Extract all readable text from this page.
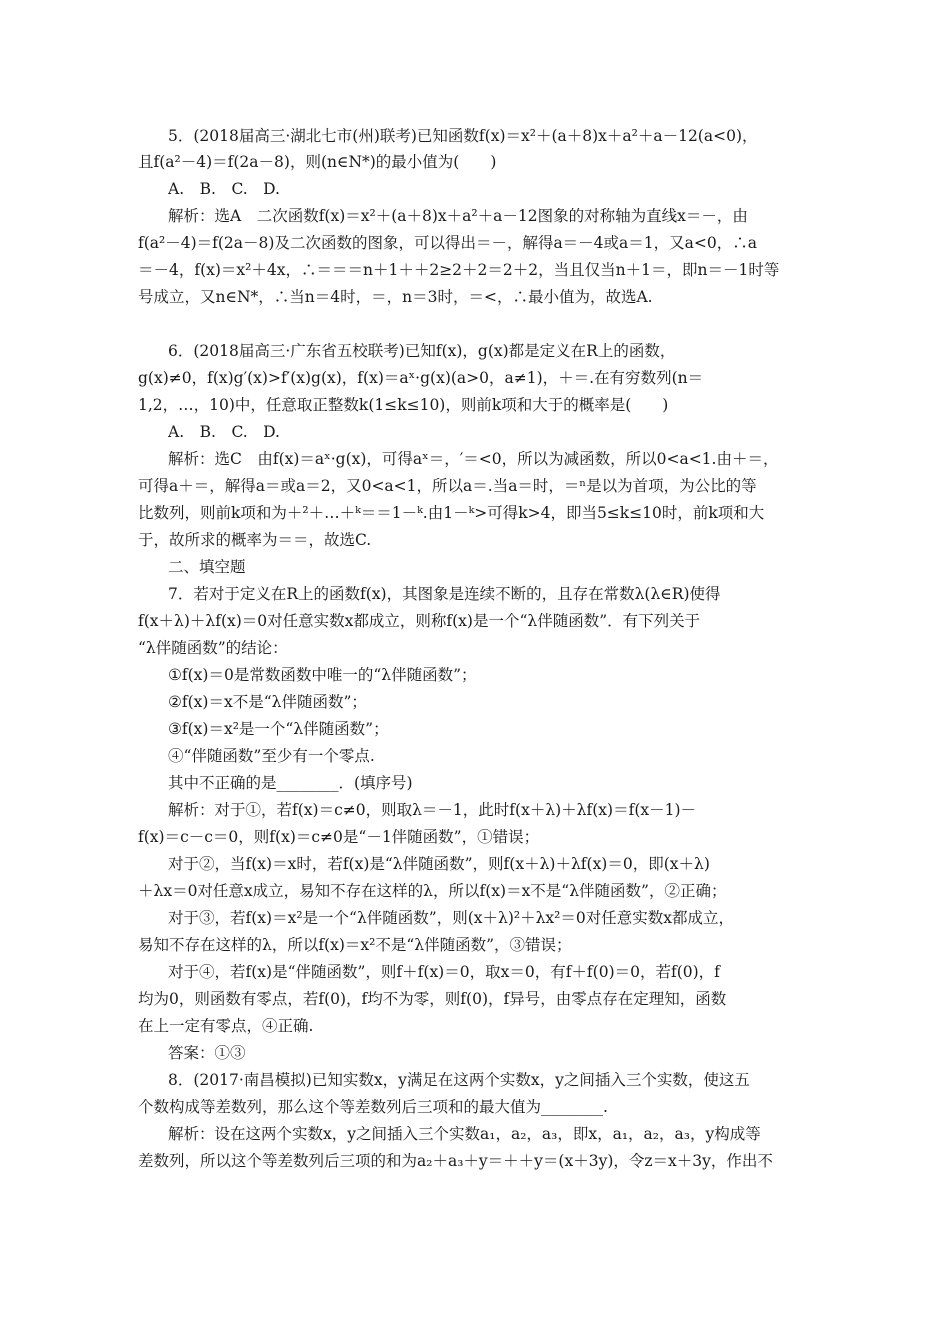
5．(2018届高三·湖北七市(州)联考)已知函数f(x)＝x²＋(a＋8)x＋a²＋a－12(a<0)，
且f(a²－4)＝f(2a－8)，则(n∈N*)的最小值为(　　)
A.　B.　C.　D.
解析：选A　二次函数f(x)＝x²＋(a＋8)x＋a²＋a－12图象的对称轴为直线x＝－，由
f(a²－4)＝f(2a－8)及二次函数的图象，可以得出＝－，解得a＝－4或a＝1，又a<0，∴a
＝－4，f(x)＝x²＋4x，∴＝＝＝n＋1＋＋2≥2＋2＝2＋2，当且仅当n＋1＝，即n＝－1时等
号成立，又n∈N*，∴当n＝4时，＝，n＝3时，＝<，∴最小值为，故选A.
6．(2018届高三·广东省五校联考)已知f(x)，g(x)都是定义在R上的函数，
g(x)≠0，f(x)g′(x)>f′(x)g(x)，f(x)＝aˣ·g(x)(a>0，a≠1)，＋＝.在有穷数列(n＝
1,2，…，10)中，任意取正整数k(1≤k≤10)，则前k项和大于的概率是(　　)
A.　B.　C.　D.
解析：选C　由f(x)＝aˣ·g(x)，可得aˣ＝，′＝<0，所以为减函数，所以0<a<1.由＋＝，
可得a＋＝，解得a＝或a＝2，又0<a<1，所以a＝.当a＝时，＝ⁿ是以为首项，为公比的等
比数列，则前k项和为＋²＋…＋ᵏ＝＝1－ᵏ.由1－ᵏ>可得k>4，即当5≤k≤10时，前k项和大
于，故所求的概率为＝＝，故选C.
二、填空题
7．若对于定义在R上的函数f(x)，其图象是连续不断的，且存在常数λ(λ∈R)使得
f(x＋λ)＋λf(x)＝0对任意实数x都成立，则称f(x)是一个“λ伴随函数”．有下列关于
“λ伴随函数”的结论：
①f(x)＝0是常数函数中唯一的“λ伴随函数”；
②f(x)＝x不是“λ伴随函数”；
③f(x)＝x²是一个“λ伴随函数”；
④“伴随函数”至少有一个零点.
其中不正确的是________．(填序号)
解析：对于①，若f(x)＝c≠0，则取λ＝－1，此时f(x＋λ)＋λf(x)＝f(x－1)－
f(x)＝c－c＝0，则f(x)＝c≠0是“－1伴随函数”，①错误；
对于②，当f(x)＝x时，若f(x)是“λ伴随函数”，则f(x＋λ)＋λf(x)＝0，即(x＋λ)
＋λx＝0对任意x成立，易知不存在这样的λ，所以f(x)＝x不是“λ伴随函数”，②正确；
对于③，若f(x)＝x²是一个“λ伴随函数”，则(x＋λ)²＋λx²＝0对任意实数x都成立，
易知不存在这样的λ，所以f(x)＝x²不是“λ伴随函数”，③错误；
对于④，若f(x)是“伴随函数”，则f＋f(x)＝0，取x＝0，有f＋f(0)＝0，若f(0)，f
均为0，则函数有零点，若f(0)，f均不为零，则f(0)，f异号，由零点存在定理知，函数
在上一定有零点，④正确.
答案：①③
8．(2017·南昌模拟)已知实数x，y满足在这两个实数x，y之间插入三个实数，使这五
个数构成等差数列，那么这个等差数列后三项和的最大值为________.
解析：设在这两个实数x，y之间插入三个实数a₁，a₂，a₃，即x，a₁，a₂，a₃，y构成等
差数列，所以这个等差数列后三项的和为a₂＋a₃＋y＝＋＋y＝(x＋3y)，令z＝x＋3y，作出不
